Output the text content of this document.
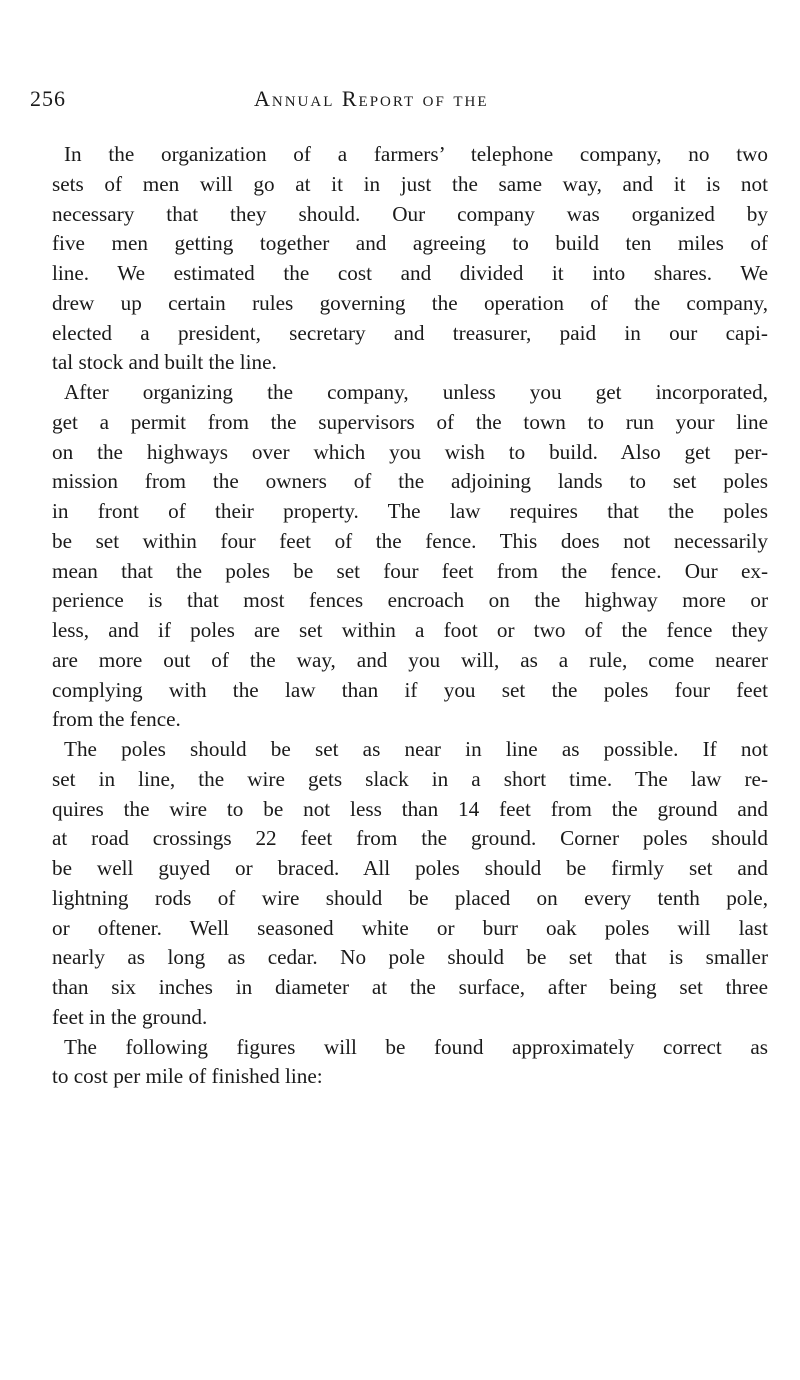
256	Annual Report of the

In the organization of a farmers’ telephone company, no two
sets of men will go at it in just the same way, and it is not
necessary that they should. Our company was organized by
five men getting together and agreeing to build ten miles of
line. We estimated the cost and divided it into shares. We
drew up certain rules governing the operation of the company,
elected a president, secretary and treasurer, paid in our capi-
tal stock and built the line.

After organizing the company, unless you get incorporated,
get a permit from the supervisors of the town to run your line
on the highways over which you wish to build. Also get per-
mission from the owners of the adjoining lands to set poles
in front of their property. The law requires that the poles
be set within four feet of the fence. This does not necessarily
mean that the poles be set four feet from the fence. Our ex-
perience is that most fences encroach on the highway more or
less, and if poles are set within a foot or two of the fence they
are more out of the way, and you will, as a rule, come nearer
complying with the law than if you set the poles four feet
from the fence.

The poles should be set as near in line as possible. If not
set in line, the wire gets slack in a short time. The law re-
quires the wire to be not less than 14 feet from the ground and
at road crossings 22 feet from the ground. Corner poles should
be well guyed or braced. All poles should be firmly set and
lightning rods of wire should be placed on every tenth pole,
or oftener. Well seasoned white or burr oak poles will last
nearly as long as cedar. No pole should be set that is smaller
than six inches in diameter at the surface, after being set three
feet in the ground.

The following figures will be found approximately correct as
to cost per mile of finished line:
